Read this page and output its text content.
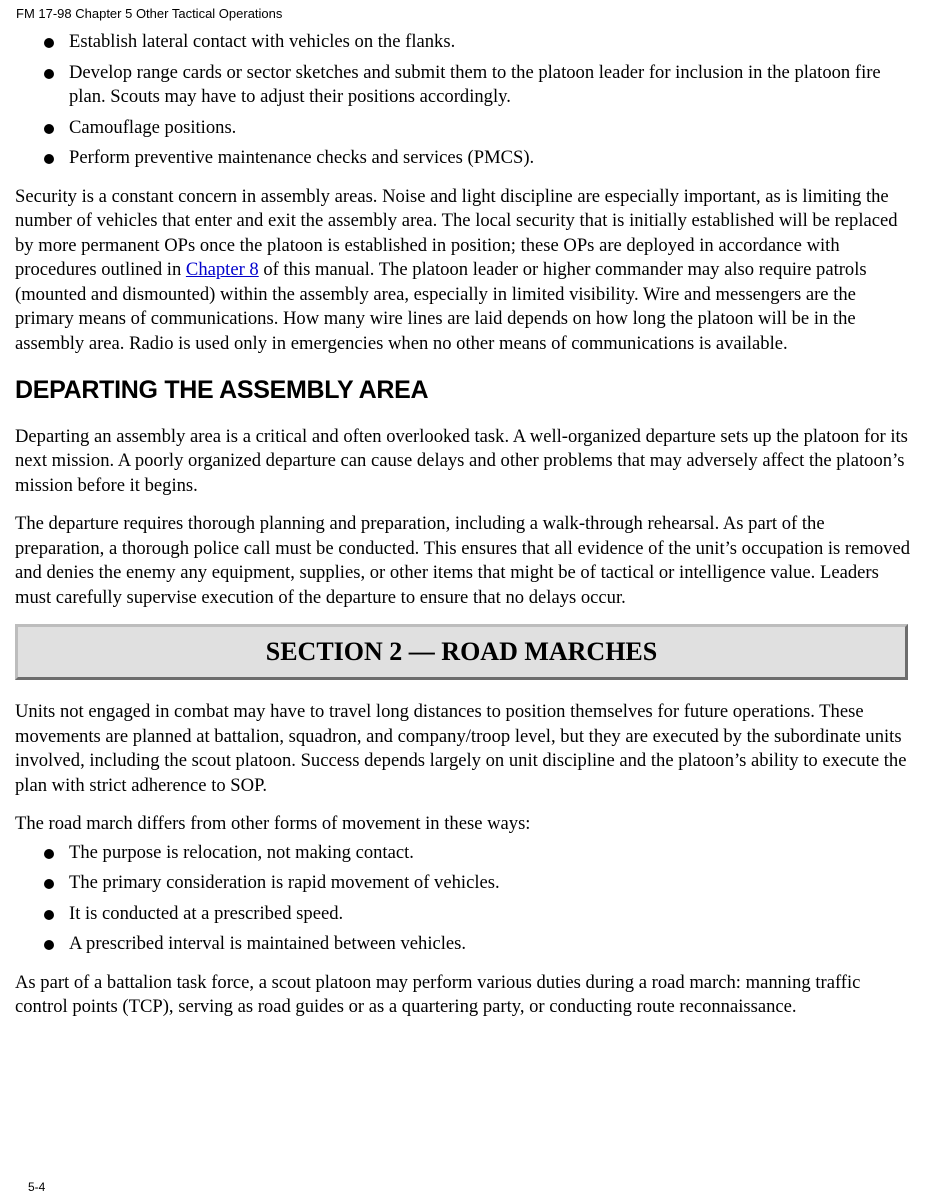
FM 17-98 Chapter 5 Other Tactical Operations
Establish lateral contact with vehicles on the flanks.
Develop range cards or sector sketches and submit them to the platoon leader for inclusion in the platoon fire plan. Scouts may have to adjust their positions accordingly.
Camouflage positions.
Perform preventive maintenance checks and services (PMCS).

Security is a constant concern in assembly areas. Noise and light discipline are especially important, as is limiting the number of vehicles that enter and exit the assembly area. The local security that is initially established will be replaced by more permanent OPs once the platoon is established in position; these OPs are deployed in accordance with procedures outlined in Chapter 8 of this manual. The platoon leader or higher commander may also require patrols (mounted and dismounted) within the assembly area, especially in limited visibility. Wire and messengers are the primary means of communications. How many wire lines are laid depends on how long the platoon will be in the assembly area. Radio is used only in emergencies when no other means of communications is available.

DEPARTING THE ASSEMBLY AREA

Departing an assembly area is a critical and often overlooked task. A well-organized departure sets up the platoon for its next mission. A poorly organized departure can cause delays and other problems that may adversely affect the platoon’s mission before it begins.

The departure requires thorough planning and preparation, including a walk-through rehearsal. As part of the preparation, a thorough police call must be conducted. This ensures that all evidence of the unit’s occupation is removed and denies the enemy any equipment, supplies, or other items that might be of tactical or intelligence value. Leaders must carefully supervise execution of the departure to ensure that no delays occur.

SECTION 2 — ROAD MARCHES

Units not engaged in combat may have to travel long distances to position themselves for future operations. These movements are planned at battalion, squadron, and company/troop level, but they are executed by the subordinate units involved, including the scout platoon. Success depends largely on unit discipline and the platoon’s ability to execute the plan with strict adherence to SOP.

The road march differs from other forms of movement in these ways:

The purpose is relocation, not making contact.
The primary consideration is rapid movement of vehicles.
It is conducted at a prescribed speed.
A prescribed interval is maintained between vehicles.

As part of a battalion task force, a scout platoon may perform various duties during a road march: manning traffic control points (TCP), serving as road guides or as a quartering party, or conducting route reconnaissance.

5-4
